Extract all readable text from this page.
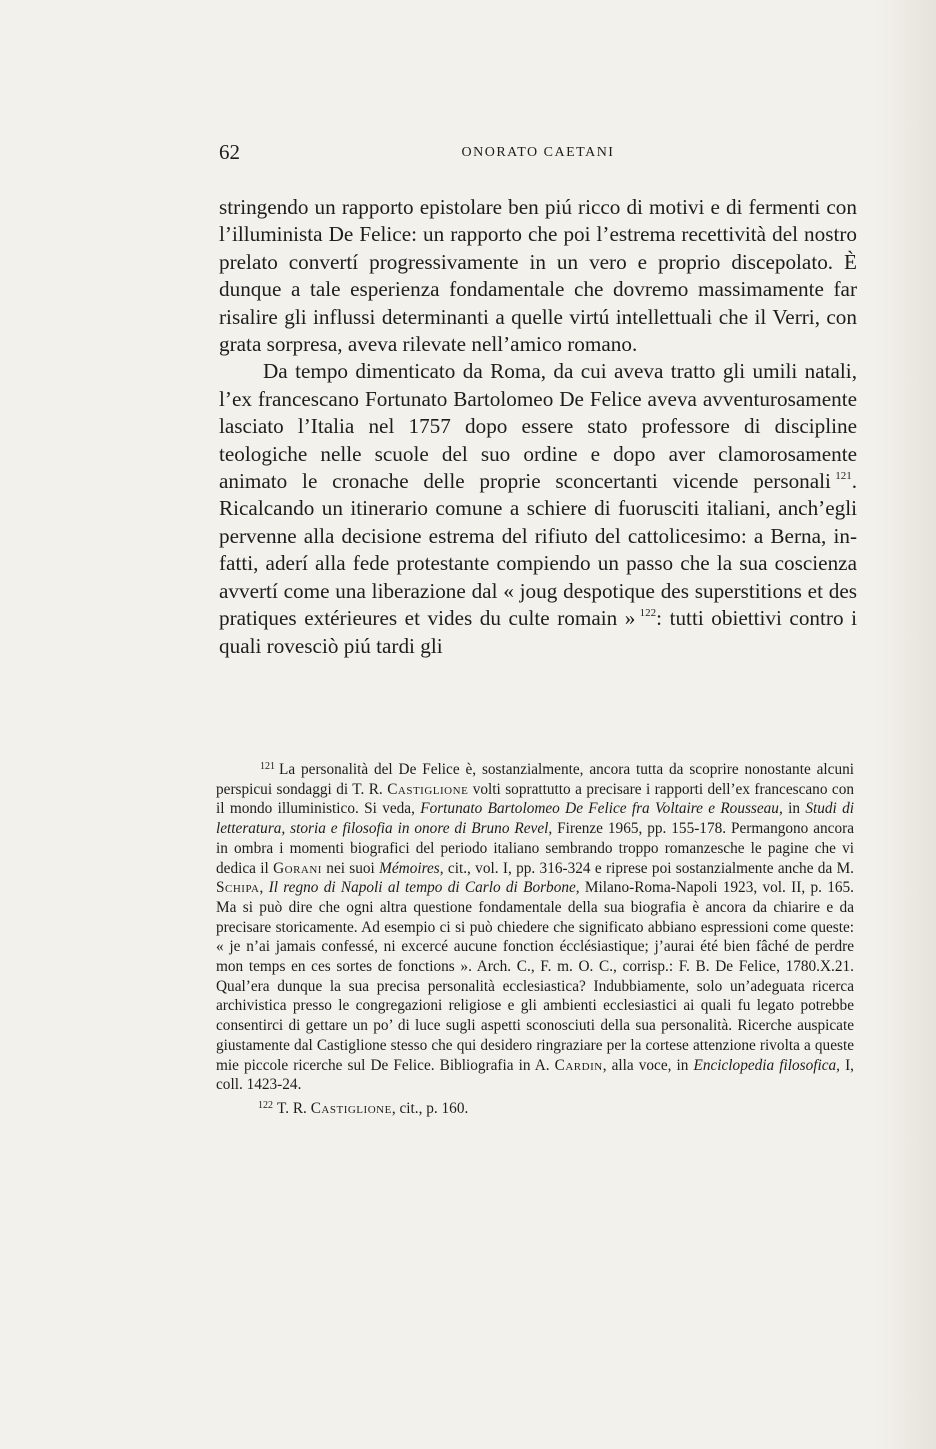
62	ONORATO CAETANI

stringendo un rapporto epistolare ben piú ricco di motivi e di fermenti con l’illuminista De Felice: un rapporto che poi l’estrema recettività del nostro prelato convertí progressivamente in un vero e proprio discepolato. È dunque a tale esperienza fondamentale che dovremo massimamente far risalire gli influssi determinanti a quelle virtú intellettuali che il Verri, con grata sorpresa, aveva rilevate nell’amico romano.

Da tempo dimenticato da Roma, da cui aveva tratto gli umili natali, l’ex francescano Fortunato Bartolomeo De Felice aveva avventurosamente lasciato l’Italia nel 1757 dopo essere stato professore di discipline teologiche nelle scuole del suo ordine e dopo aver clamorosamente animato le cronache delle proprie sconcertanti vicende personali  $^{121}$. Ricalcando un itinerario comune a schiere di fuorusciti italiani, anch’egli pervenne alla decisione estrema del rifiuto del cattolicesimo: a Berna, infatti, aderí alla fede protestante compiendo un passo che la sua coscienza avvertí come una liberazione dal « joug despotique des superstitions et des pratiques extérieures et vides du culte romain »  $^{122}$: tutti obiettivi contro i quali rovesciò piú tardi gli

$^{121}$ La personalità del De Felice è, sostanzialmente, ancora tutta da scoprire nonostante alcuni perspicui sondaggi di T. R. Castiglione volti soprattutto a precisare i rapporti dell’ex francescano con il mondo illuministico. Si veda, Fortunato Bartolomeo De Felice fra Voltaire e Rousseau, in Studi di letteratura, storia e filosofia in onore di Bruno Revel, Firenze 1965, pp. 155-178. Permangono ancora in ombra i momenti biografici del periodo italiano sembrando troppo romanzesche le pagine che vi dedica il Gorani nei suoi Mémoires, cit., vol. I, pp. 316-324 e riprese poi sostanzialmente anche da M. Schipa, Il regno di Napoli al tempo di Carlo di Borbone, Milano-Roma-Napoli 1923, vol. II, p. 165. Ma si può dire che ogni altra questione fondamentale della sua biografia è ancora da chiarire e da precisare storicamente. Ad esempio ci si può chiedere che significato abbiano espressioni come queste: « je n’ai jamais confessé, ni excercé aucune fonction écclésiastique; j’aurai été bien fâché de perdre mon temps en ces sortes de fonctions ». Arch. C., F. m. O. C., corrisp.: F. B. De Felice, 1780.X.21. Qual’era dunque la sua precisa personalità ecclesiastica? Indubbiamente, solo un’adeguata ricerca archivistica presso le congregazioni religiose e gli ambienti ecclesiastici ai quali fu legato potrebbe consentirci di gettare un po’ di luce sugli aspetti sconosciuti della sua personalità. Ricerche auspicate giustamente dal Castiglione stesso che qui desidero ringraziare per la cortese attenzione rivolta a queste mie piccole ricerche sul De Felice. Bibliografia in A. Cardin, alla voce, in Enciclopedia filosofica, I, coll. 1423-24.

$^{122}$ T. R. Castiglione, cit., p. 160.
